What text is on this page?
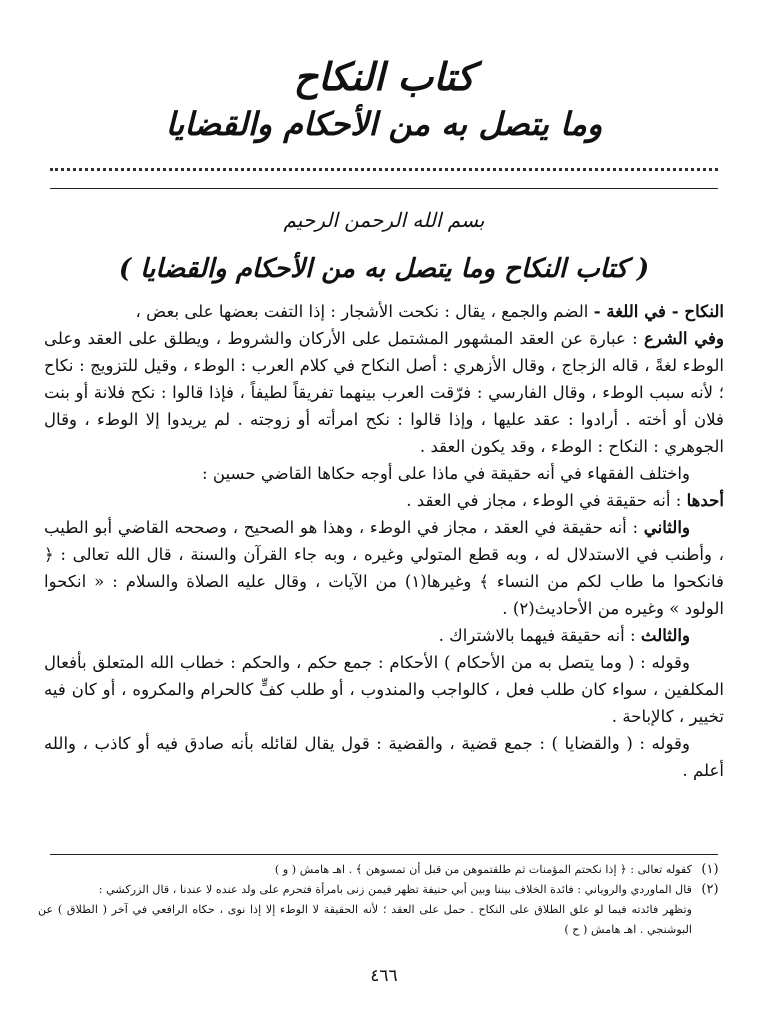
كتاب النكاح
وما يتصل به من الأحكام والقضايا
بسم الله الرحمن الرحيم
( كتاب النكاح وما يتصل به من الأحكام والقضايا )

النكاح - في اللغة - الضم والجمع ، يقال : نكحت الأشجار : إذا التفت بعضها على بعض ،

وفي الشرع : عبارة عن العقد المشهور المشتمل على الأركان والشروط ، ويطلق على العقد وعلى الوطء لغةً ، قاله الزجاج ، وقال الأزهري : أصل النكاح في كلام العرب : الوطء ، وقيل للتزويج : نكاح ؛ لأنه سبب الوطء ، وقال الفارسي : فرّقت العرب بينهما تفريقاً لطيفاً ، فإذا قالوا : نكح فلانة أو بنت فلان أو أخته . أرادوا : عقد عليها ، وإذا قالوا : نكح امرأته أو زوجته . لم يريدوا إلا الوطء ، وقال الجوهري : النكاح : الوطء ، وقد يكون العقد .

واختلف الفقهاء في أنه حقيقة في ماذا على أوجه حكاها القاضي حسين :

أحدها : أنه حقيقة في الوطء ، مجاز في العقد .

والثاني : أنه حقيقة في العقد ، مجاز في الوطء ، وهذا هو الصحيح ، وصححه القاضي أبو الطيب ، وأطنب في الاستدلال له ، وبه قطع المتولي وغيره ، وبه جاء القرآن والسنة ، قال الله تعالى : ﴿ فانكحوا ما طاب لكم من النساء ﴾ وغيرها(١) من الآيات ، وقال عليه الصلاة والسلام : « انكحوا الولود » وغيره من الأحاديث(٢) .

والثالث : أنه حقيقة فيهما بالاشتراك .

وقوله : ( وما يتصل به من الأحكام ) الأحكام : جمع حكم ، والحكم : خطاب الله المتعلق بأفعال المكلفين ، سواء كان طلب فعل ، كالواجب والمندوب ، أو طلب كفٍّ كالحرام والمكروه ، أو كان فيه تخيير ، كالإباحة .

وقوله : ( والقضايا ) : جمع قضية ، والقضية : قول يقال لقائله بأنه صادق فيه أو كاذب ، والله أعلم .

(١)
كقوله تعالى : ﴿ إذا نكحتم المؤمنات ثم طلقتموهن من قبل أن تمسوهن ﴾ . اهـ هامش ( و )
(٢)
قال الماوردي والروياني : فائدة الخلاف بيننا وبين أبي حنيفة تظهر فيمن زنى بامرأة فتحرم على ولد عنده لا عندنا ، قال الزركشي :
وتظهر فائدته فيما لو علق الطلاق على النكاح . حمل على العقد ؛ لأنه الحقيقة لا الوطء إلا إذا نوى ، حكاه الرافعي في آخر ( الطلاق ) عن البوشنجي . اهـ هامش ( ح )
٤٦٦
